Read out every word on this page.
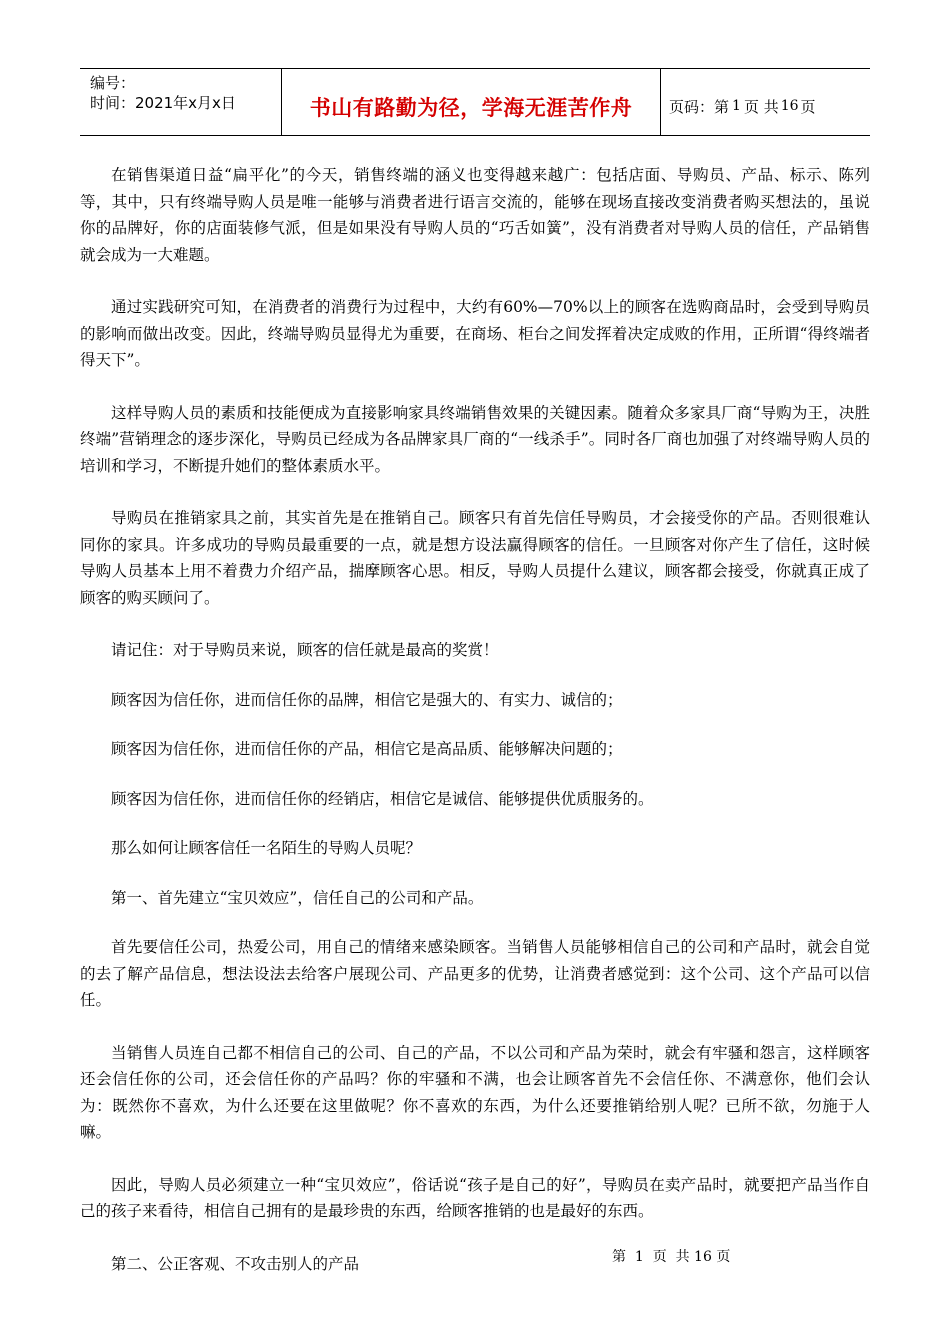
编号：
时间：2021年x月x日	书山有路勤为径，学海无涯苦作舟	页码：第 1 页 共 16 页

在销售渠道日益“扁平化”的今天，销售终端的涵义也变得越来越广：包括店面、导购员、产品、标示、陈列等，其中，只有终端导购人员是唯一能够与消费者进行语言交流的，能够在现场直接改变消费者购买想法的，虽说你的品牌好，你的店面装修气派，但是如果没有导购人员的“巧舌如簧”，没有消费者对导购人员的信任，产品销售就会成为一大难题。

通过实践研究可知，在消费者的消费行为过程中，大约有60%—70%以上的顾客在选购商品时，会受到导购员的影响而做出改变。因此，终端导购员显得尤为重要，在商场、柜台之间发挥着决定成败的作用，正所谓“得终端者得天下”。

这样导购人员的素质和技能便成为直接影响家具终端销售效果的关键因素。随着众多家具厂商“导购为王，决胜终端”营销理念的逐步深化，导购员已经成为各品牌家具厂商的“一线杀手”。同时各厂商也加强了对终端导购人员的培训和学习，不断提升她们的整体素质水平。

导购员在推销家具之前，其实首先是在推销自己。顾客只有首先信任导购员，才会接受你的产品。否则很难认同你的家具。许多成功的导购员最重要的一点，就是想方设法赢得顾客的信任。一旦顾客对你产生了信任，这时候导购人员基本上用不着费力介绍产品，揣摩顾客心思。相反，导购人员提什么建议，顾客都会接受，你就真正成了顾客的购买顾问了。

请记住：对于导购员来说，顾客的信任就是最高的奖赏！

顾客因为信任你，进而信任你的品牌，相信它是强大的、有实力、诚信的；

顾客因为信任你，进而信任你的产品，相信它是高品质、能够解决问题的；

顾客因为信任你，进而信任你的经销店，相信它是诚信、能够提供优质服务的。

那么如何让顾客信任一名陌生的导购人员呢？

第一、首先建立“宝贝效应”，信任自己的公司和产品。

首先要信任公司，热爱公司，用自己的情绪来感染顾客。当销售人员能够相信自己的公司和产品时，就会自觉的去了解产品信息，想法设法去给客户展现公司、产品更多的优势，让消费者感觉到：这个公司、这个产品可以信任。

当销售人员连自己都不相信自己的公司、自己的产品，不以公司和产品为荣时，就会有牢骚和怨言，这样顾客还会信任你的公司，还会信任你的产品吗？你的牢骚和不满，也会让顾客首先不会信任你、不满意你，他们会认为：既然你不喜欢，为什么还要在这里做呢？你不喜欢的东西，为什么还要推销给别人呢？已所不欲，勿施于人嘛。

因此，导购人员必须建立一种“宝贝效应”，俗话说“孩子是自己的好”，导购员在卖产品时，就要把产品当作自己的孩子来看待，相信自己拥有的是最珍贵的东西，给顾客推销的也是最好的东西。

第二、公正客观、不攻击别人的产品	第  1  页  共 16 页
